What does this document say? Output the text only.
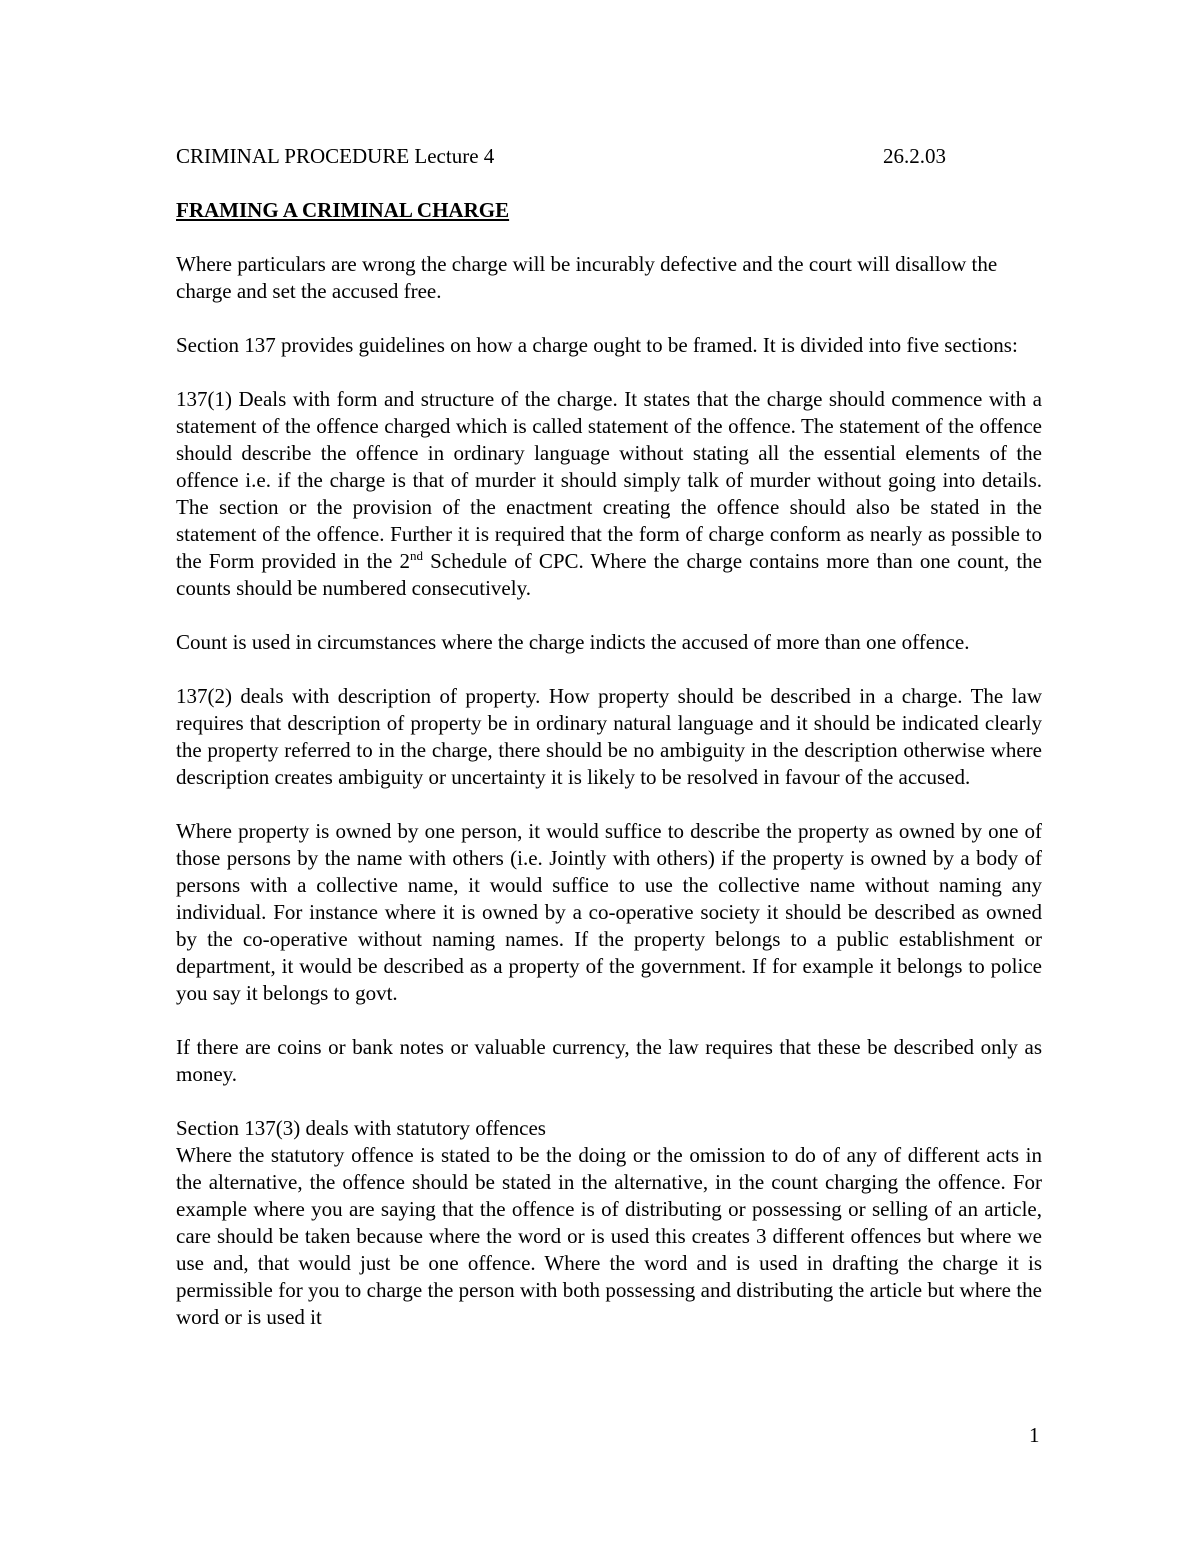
CRIMINAL PROCEDURE Lecture 4	26.2.03
FRAMING A CRIMINAL CHARGE

Where particulars are wrong the charge will be incurably defective and the court will disallow the charge and set the accused free.

Section 137 provides guidelines on how a charge ought to be framed. It is divided into five sections:

137(1) Deals with form and structure of the charge. It states that the charge should commence with a statement of the offence charged which is called statement of the offence. The statement of the offence should describe the offence in ordinary language without stating all the essential elements of the offence i.e. if the charge is that of murder it should simply talk of murder without going into details. The section or the provision of the enactment creating the offence should also be stated in the statement of the offence. Further it is required that the form of charge conform as nearly as possible to the Form provided in the 2nd Schedule of CPC. Where the charge contains more than one count, the counts should be numbered consecutively.

Count is used in circumstances where the charge indicts the accused of more than one offence.

137(2) deals with description of property. How property should be described in a charge. The law requires that description of property be in ordinary natural language and it should be indicated clearly the property referred to in the charge, there should be no ambiguity in the description otherwise where description creates ambiguity or uncertainty it is likely to be resolved in favour of the accused.

Where property is owned by one person, it would suffice to describe the property as owned by one of those persons by the name with others (i.e. Jointly with others) if the property is owned by a body of persons with a collective name, it would suffice to use the collective name without naming any individual. For instance where it is owned by a co-operative society it should be described as owned by the co-operative without naming names. If the property belongs to a public establishment or department, it would be described as a property of the government. If for example it belongs to police you say it belongs to govt.

If there are coins or bank notes or valuable currency, the law requires that these be described only as money.

Section 137(3) deals with statutory offences

Where the statutory offence is stated to be the doing or the omission to do of any of different acts in the alternative, the offence should be stated in the alternative, in the count charging the offence. For example where you are saying that the offence is of distributing or possessing or selling of an article, care should be taken because where the word or is used this creates 3 different offences but where we use and, that would just be one offence. Where the word and is used in drafting the charge it is permissible for you to charge the person with both possessing and distributing the article but where the word or is used it

1
